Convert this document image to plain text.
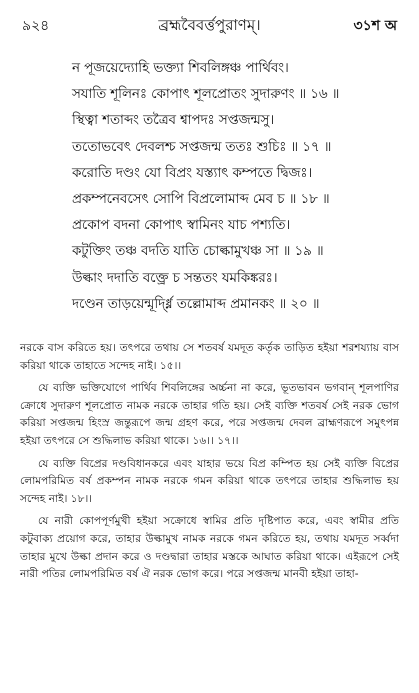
৯২৪	ব্রহ্মবৈবর্ত্তপুরাণম্।	৩১শ অ
ন পূজয়েদ্যোহি ভক্ত্যা শিবলিঙ্গঞ্চ পার্থিবং।
সযাতি শূলিনঃ কোপাৎ শূলপ্রোতং সুদারুণং ॥ ১৬ ॥
স্থিত্বা শতাব্দং তত্রৈব শ্বাপদঃ সপ্তজন্মসু।
ততোভবেৎ দেবলশ্চ সপ্তজন্ম ততঃ শুচিঃ ॥ ১৭ ॥
করোতি দণ্ডং যো বিপ্রং যস্ত্যাৎ কম্পতে দ্বিজঃ।
প্রকম্পনেবসেৎ সোপি বিপ্রলোমাব্দ মেব চ ॥ ১৮ ॥
প্রকোপ বদনা কোপাৎ স্বামিনং যাচ পশ্যতি।
কটুক্তিং তঞ্চ বদতি যাতি চোল্কামুখঞ্চ সা ॥ ১৯ ॥
উল্কাং দদাতি বক্ত্রে চ সন্ততং যমকিঙ্করঃ।
দণ্ডেন তাড়য়েন্মূর্দ্ধ্নি তল্লোমাব্দ প্রমানকং ॥ ২০ ॥

নরকে বাস করিতে হয়। তৎপরে তথায় সে শতবর্ষ যমদূত কর্তৃক তাড়িত হইয়া শরশয্যায় বাস করিয়া থাকে তাহাতে সন্দেহ নাই। ১৫।।

যে ব্যক্তি ভক্তিযোগে পার্থিব শিবলিঙ্গের অর্চ্চনা না করে, ভূতভাবন ভগবান্ শূলপাণির ক্রোধে সুদারুণ শূলপ্রোত নামক নরকে তাহার গতি হয়। সেই ব্যক্তি শতবর্ষ সেই নরক ভোগ করিয়া সপ্তজন্ম হিংস্র জন্তুরূপে জন্ম গ্রহণ করে, পরে সপ্তজন্ম দেবল ব্রাহ্মণরূপে সমুৎপন্ন হইয়া তৎপরে সে শুদ্ধিলাভ করিয়া থাকে। ১৬।। ১৭।।

যে ব্যক্তি বিপ্রের দণ্ডবিধানকরে এবং যাহার ভয়ে বিপ্র কম্পিত হয় সেই ব্যক্তি বিপ্রের লোমপরিমিত বর্ষ প্রকম্পন নামক নরকে গমন করিয়া থাকে তৎপরে তাহার শুদ্ধিলাভ হয় সন্দেহ নাই। ১৮।।

যে নারী কোপপূর্ণমুখী হইয়া সক্রোধে স্বামির প্রতি দৃষ্টিপাত করে, এবং স্বামীর প্রতি কটুবাক্য প্রয়োগ করে, তাহার উল্কামুখ নামক নরকে গমন করিতে হয়, তথায় যমদূত সর্ব্বদা তাহার মুখে উল্কা প্রদান করে ও দণ্ডদ্বারা তাহার মস্তকে আঘাত করিয়া থাকে। এইরূপে সেই নারী পতির লোমপরিমিত বর্ষ ঐ নরক ভোগ করে। পরে সপ্তজন্ম মানবী হইয়া তাহা-
